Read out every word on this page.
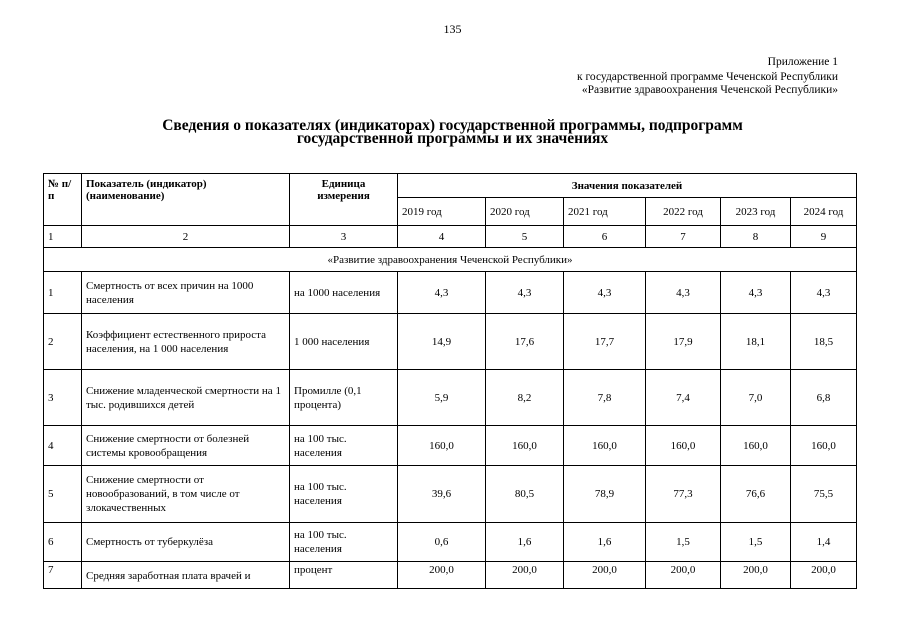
135
Приложение 1
к государственной программе Чеченской Республики
«Развитие здравоохранения Чеченской Республики»
Сведения о показателях (индикаторах) государственной программы, подпрограмм
государственной программы и их значениях
№ п/п	Показатель (индикатор) (наименование)	Единица измерения	Значения показателей					
			2019 год	2020 год	2021 год	2022 год	2023 год	2024 год
1	2	3	4	5	6	7	8	9
«Развитие здравоохранения Чеченской Республики»								
1	Смертность от всех причин на 1000 населения	на 1000 населения	4,3	4,3	4,3	4,3	4,3	4,3
2	Коэффициент естественного прироста населения, на 1 000 населения	1 000 населения	14,9	17,6	17,7	17,9	18,1	18,5
3	Снижение младенческой смертности на 1 тыс. родившихся детей	Промилле (0,1 процента)	5,9	8,2	7,8	7,4	7,0	6,8
4	Снижение смертности от болезней системы кровообращения	на 100 тыс. населения	160,0	160,0	160,0	160,0	160,0	160,0
5	Снижение смертности от новообразований, в том числе от злокачественных	на 100 тыс. населения	39,6	80,5	78,9	77,3	76,6	75,5
6	Смертность от туберкулёза	на 100 тыс. населения	0,6	1,6	1,6	1,5	1,5	1,4
7	Средняя заработная плата врачей и	процент	200,0	200,0	200,0	200,0	200,0	200,0
